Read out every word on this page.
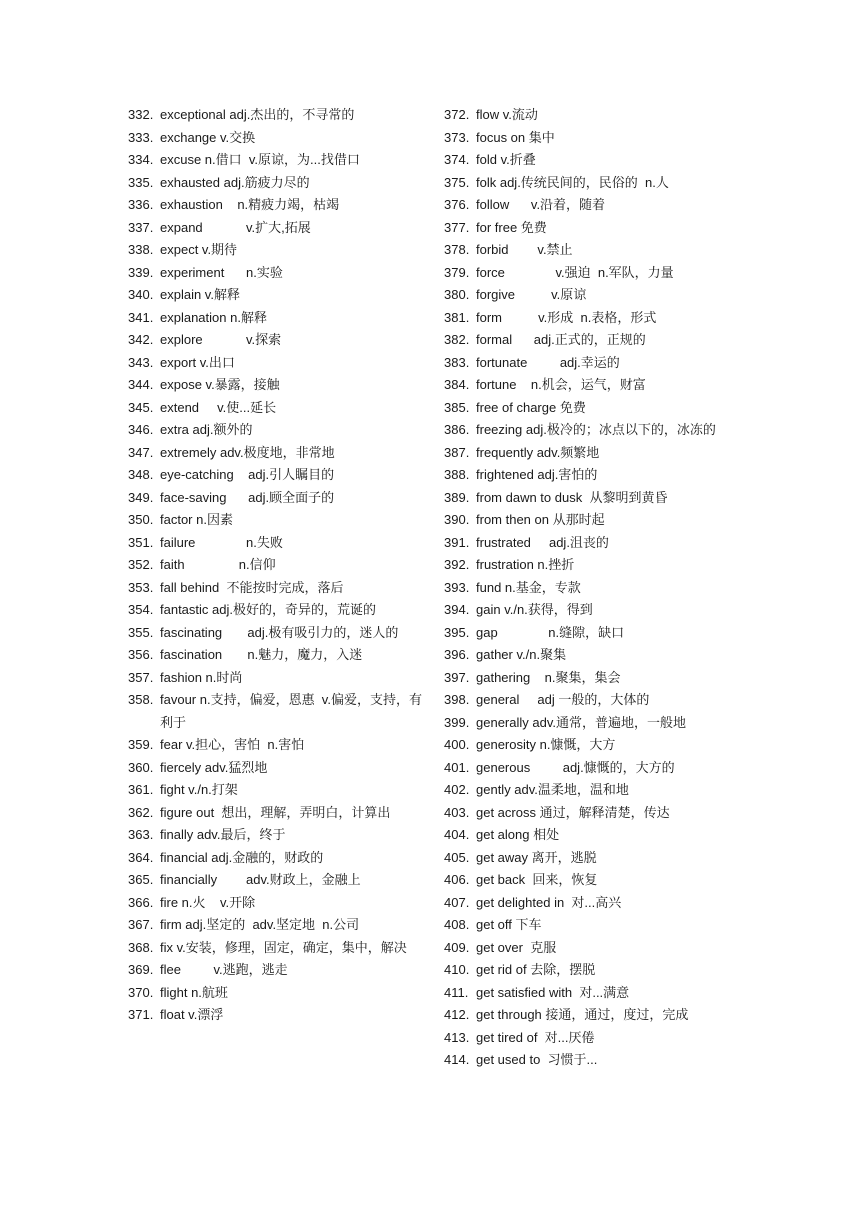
332. exceptional adj.杰出的，不寻常的
333. exchange v.交换
334. excuse n.借口  v.原谅，为...找借口
335. exhausted adj.筋疲力尽的
336. exhaustion    n.精疲力竭，枯竭
337. expand            v.扩大,拓展
338. expect v.期待
339. experiment      n.实验
340. explain v.解释
341. explanation n.解释
342. explore            v.探索
343. export v.出口
344. expose v.暴露，接触
345. extend     v.使...延长
346. extra adj.额外的
347. extremely adv.极度地，非常地
348. eye-catching    adj.引人瞩目的
349. face-saving      adj.顾全面子的
350. factor n.因素
351. failure              n.失败
352. faith               n.信仰
353. fall behind  不能按时完成，落后
354. fantastic adj.极好的，奇异的，荒诞的
355. fascinating       adj.极有吸引力的，迷人的
356. fascination       n.魅力，魔力，入迷
357. fashion n.时尚
358. favour n.支持，偏爱，恩惠  v.偏爱，支持，有利于
359. fear v.担心，害怕  n.害怕
360. fiercely adv.猛烈地
361. fight v./n.打架
362. figure out  想出，理解，弄明白，计算出
363. finally adv.最后，终于
364. financial adj.金融的，财政的
365. financially        adv.财政上，金融上
366. fire n.火    v.开除
367. firm adj.坚定的  adv.坚定地  n.公司
368. fix v.安装，修理，固定，确定，集中，解决
369. flee         v.逃跑，逃走
370. flight n.航班
371. float v.漂浮
372. flow v.流动
373. focus on 集中
374. fold v.折叠
375. folk adj.传统民间的，民俗的  n.人
376. follow      v.沿着，随着
377. for free 免费
378. forbid        v.禁止
379. force              v.强迫  n.军队，力量
380. forgive          v.原谅
381. form          v.形成  n.表格，形式
382. formal      adj.正式的，正规的
383. fortunate         adj.幸运的
384. fortune    n.机会，运气，财富
385. free of charge 免费
386. freezing adj.极冷的；冰点以下的，冰冻的
387. frequently adv.频繁地
388. frightened adj.害怕的
389. from dawn to dusk  从黎明到黄昏
390. from then on 从那时起
391. frustrated     adj.沮丧的
392. frustration n.挫折
393. fund n.基金，专款
394. gain v./n.获得，得到
395. gap              n.缝隙，缺口
396. gather v./n.聚集
397. gathering    n.聚集，集会
398. general     adj 一般的，大体的
399. generally adv.通常，普遍地，一般地
400. generosity n.慷慨，大方
401. generous         adj.慷慨的，大方的
402. gently adv.温柔地，温和地
403. get across 通过，解释清楚，传达
404. get along 相处
405. get away 离开，逃脱
406. get back  回来，恢复
407. get delighted in  对...高兴
408. get off 下车
409. get over  克服
410. get rid of 去除，摆脱
411. get satisfied with  对...满意
412. get through 接通，通过，度过，完成
413. get tired of  对...厌倦
414. get used to  习惯于...
